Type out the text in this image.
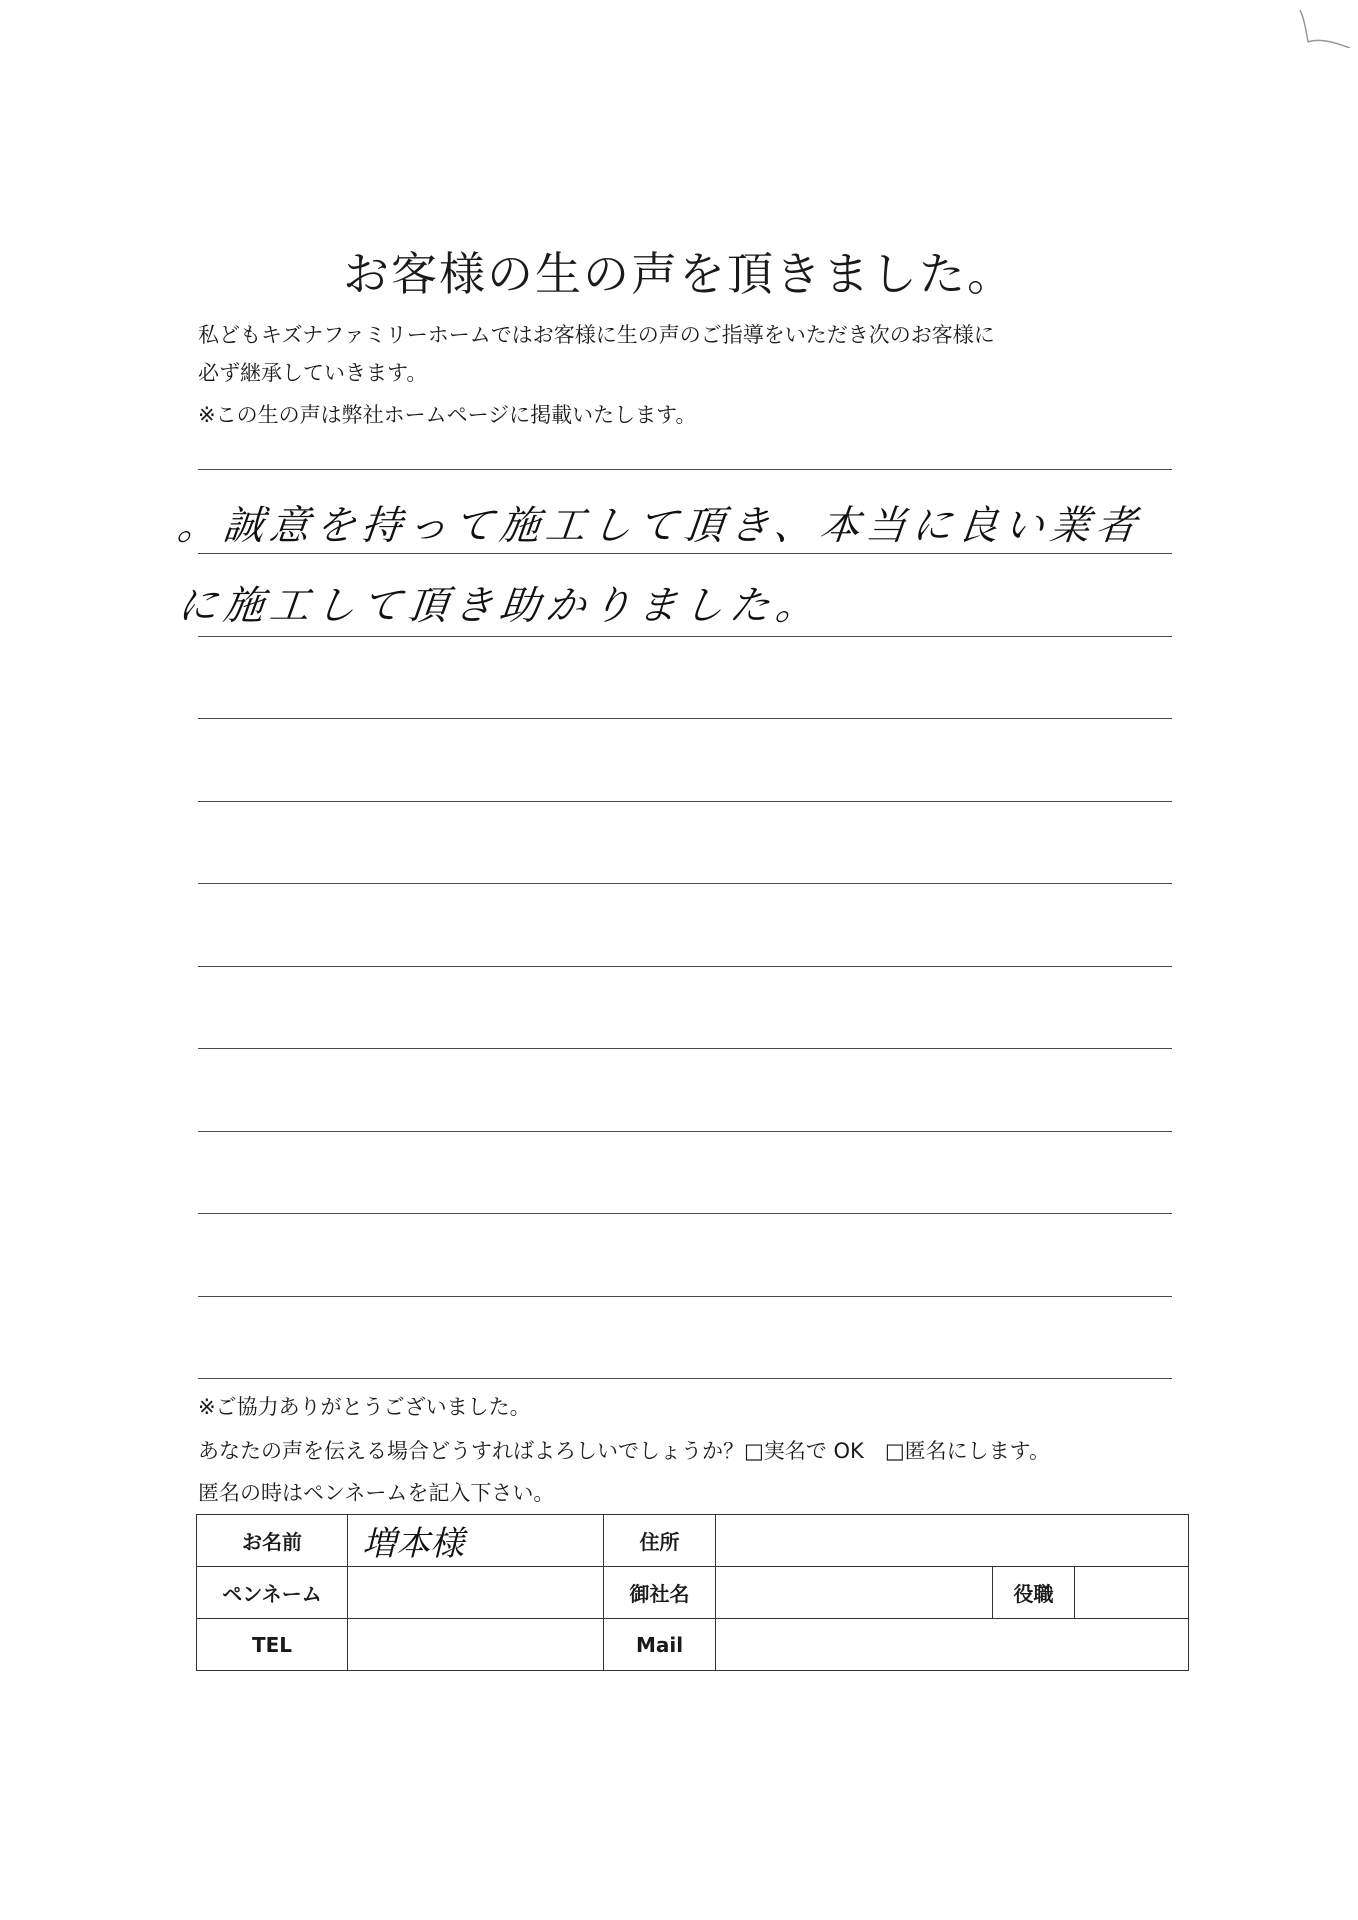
お客様の生の声を頂きました。
私どもキズナファミリーホームではお客様に生の声のご指導をいただき次のお客様に
必ず継承していきます。
※この生の声は弊社ホームページに掲載いたします。
。誠意を持って施工して頂き、本当に良い業者
に施工して頂き助かりました。
※ご協力ありがとうございました。
あなたの声を伝える場合どうすればよろしいでしょうか？□実名で OK　□匿名にします。
匿名の時はペンネームを記入下さい。
お名前	増本様	住所			
ペンネーム		御社名		役職	
TEL		Mail			
